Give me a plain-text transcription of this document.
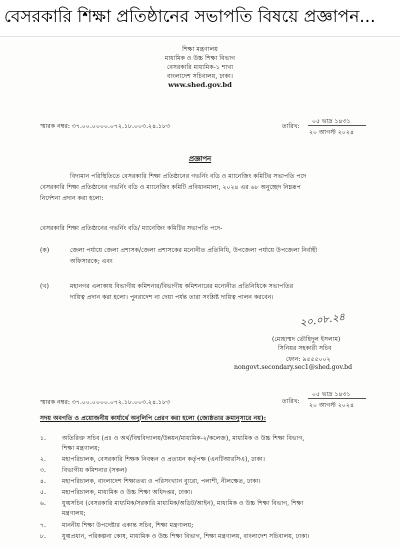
বেসরকারি শিক্ষা প্রতিষ্ঠানের সভাপতি বিষয়ে প্রজ্ঞাপন...
শিক্ষা মন্ত্রণালয়
মাধ্যমিক ও উচ্চ শিক্ষা বিভাগ
বেসরকারি মাধ্যমিক-১ শাখা
বাংলাদেশ সচিবালয়, ঢাকা।
www.shed.gov.bd
স্মারক নম্বর: ৩৭.০০.০০০০.০৭২.১৮.০০৩.২৪.১৮৩	তারিখ:
০৫ ভাদ্র ১৪৩১
২০ আগস্ট ২০২৪
প্রজ্ঞাপন
বিদ্যমান পরিস্থিতিতে বেসরকারি শিক্ষা প্রতিষ্ঠানের গভর্নিং বডি ও ম্যানেজিং কমিটির সভাপতি পদে
বেসরকারি শিক্ষা প্রতিষ্ঠানের গভর্নিং বডি ও ম্যানেজিং কমিটি প্রবিধানমালা, ২০২৪ এর ৬৮ অনুচ্ছেদ নিম্নরূপ
নির্দেশনা প্রদান করা হলো:
বেসরকারি শিক্ষা প্রতিষ্ঠানের গভর্নিং বডি/ ম্যানেজিং কমিটির সভাপতি পদে-
(ক)	জেলা পর্যায়ে জেলা প্রশাসক/জেলা প্রশাসকের মনোনীত প্রতিনিধি, উপজেলা পর্যায়ে উপজেলা নির্বাহী
অফিসারকে; এবং
(খ)	মহানগর এলাকায় বিভাগীয় কমিশনার/বিভাগীয় কমিশনারের মনোনীত প্রতিনিধিকে সভাপতির
দায়িত্ব প্রদান করা হলো। পুনরাদেশ না দেয়া পর্যন্ত তারা সংশ্লিষ্ট দায়িত্ব পালন করবেন।
২০.০৮.২৪
(মোহাম্মদ তৌহিদুল ইসলাম)
সিনিয়র সহকারী সচিব
ফোন: ৯৫৫৫০০২
nongovt.secondary.sec1@shed.gov.bd
স্মারক নম্বর: ৩৭.০০.০০০০.০৭২.১৮.০০৩.২৪.১৮৩	তারিখ:
০৫ ভাদ্র ১৪৩১
২০ আগস্ট ২০২৪
সদয় অবগতি ও প্রয়োজনীয় কার্যার্থে অনুলিপি প্রেরণ করা হলো (জ্যেষ্ঠতার ক্রমানুসারে নয়):
১.	অতিরিক্ত সচিব (প্রঃ ও অর্থ/বিশ্ববিদ্যালয়/উন্নয়ন/মাধ্যমিক-২/কলেজ), মাধ্যমিক ও উচ্চ শিক্ষা বিভাগ,
শিক্ষা মন্ত্রণালয়;
২.	মহাপরিচালক, বেসরকারি শিক্ষক নিবন্ধন ও প্রত্যয়ন কর্তৃপক্ষ (এনটিআরসিএ), ঢাকা।
৩.	বিভাগীয় কমিশনার (সকল)
৪.	মহাপরিচালক, বাংলাদেশ শিক্ষাতথ্য ও পরিসংখ্যান ব্যুরো, পলাশী, নীলক্ষেত, ঢাকা।
৫.	মহাপরিচালক, মাধ্যমিক ও উচ্চ শিক্ষা অধিদপ্তর, ঢাকা।
৬.	যুগ্মসচিব (বেসরকারি মাধ্যমিক/সরকারি মাধ্যমিক/অডিট/আইন), মাধ্যমিক ও উচ্চ শিক্ষা বিভাগ, শিক্ষা
মন্ত্রণালয়;
৭.	মাননীয় শিক্ষা উপদেষ্টার একান্ত সচিব, শিক্ষা মন্ত্রণালয়;
৮.	যুগ্মপ্রধান, পরিকল্পনা কোষ, মাধ্যমিক ও উচ্চ শিক্ষা বিভাগ, শিক্ষা মন্ত্রণালয়, বাংলাদেশ সচিবালয়, ঢাকা।
